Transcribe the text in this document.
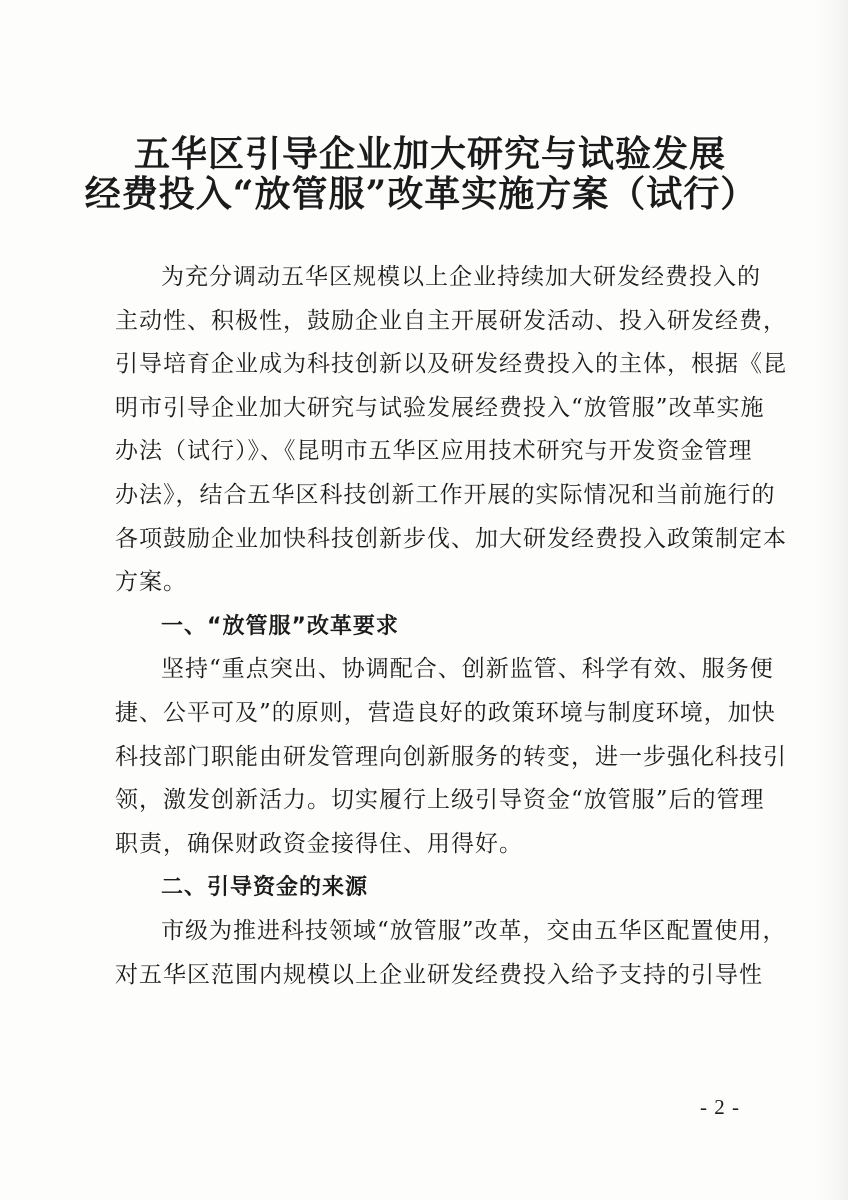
五华区引导企业加大研究与试验发展
经费投入“放管服”改革实施方案（试行）
为充分调动五华区规模以上企业持续加大研发经费投入的
主动性、积极性，鼓励企业自主开展研发活动、投入研发经费，
引导培育企业成为科技创新以及研发经费投入的主体，根据《昆
明市引导企业加大研究与试验发展经费投入“放管服”改革实施
办法（试行）》、《昆明市五华区应用技术研究与开发资金管理
办法》，结合五华区科技创新工作开展的实际情况和当前施行的
各项鼓励企业加快科技创新步伐、加大研发经费投入政策制定本
方案。
一、“放管服”改革要求
坚持“重点突出、协调配合、创新监管、科学有效、服务便
捷、公平可及”的原则，营造良好的政策环境与制度环境，加快
科技部门职能由研发管理向创新服务的转变，进一步强化科技引
领，激发创新活力。切实履行上级引导资金“放管服”后的管理
职责，确保财政资金接得住、用得好。
二、引导资金的来源
市级为推进科技领域“放管服”改革，交由五华区配置使用，
对五华区范围内规模以上企业研发经费投入给予支持的引导性
- 2 -
